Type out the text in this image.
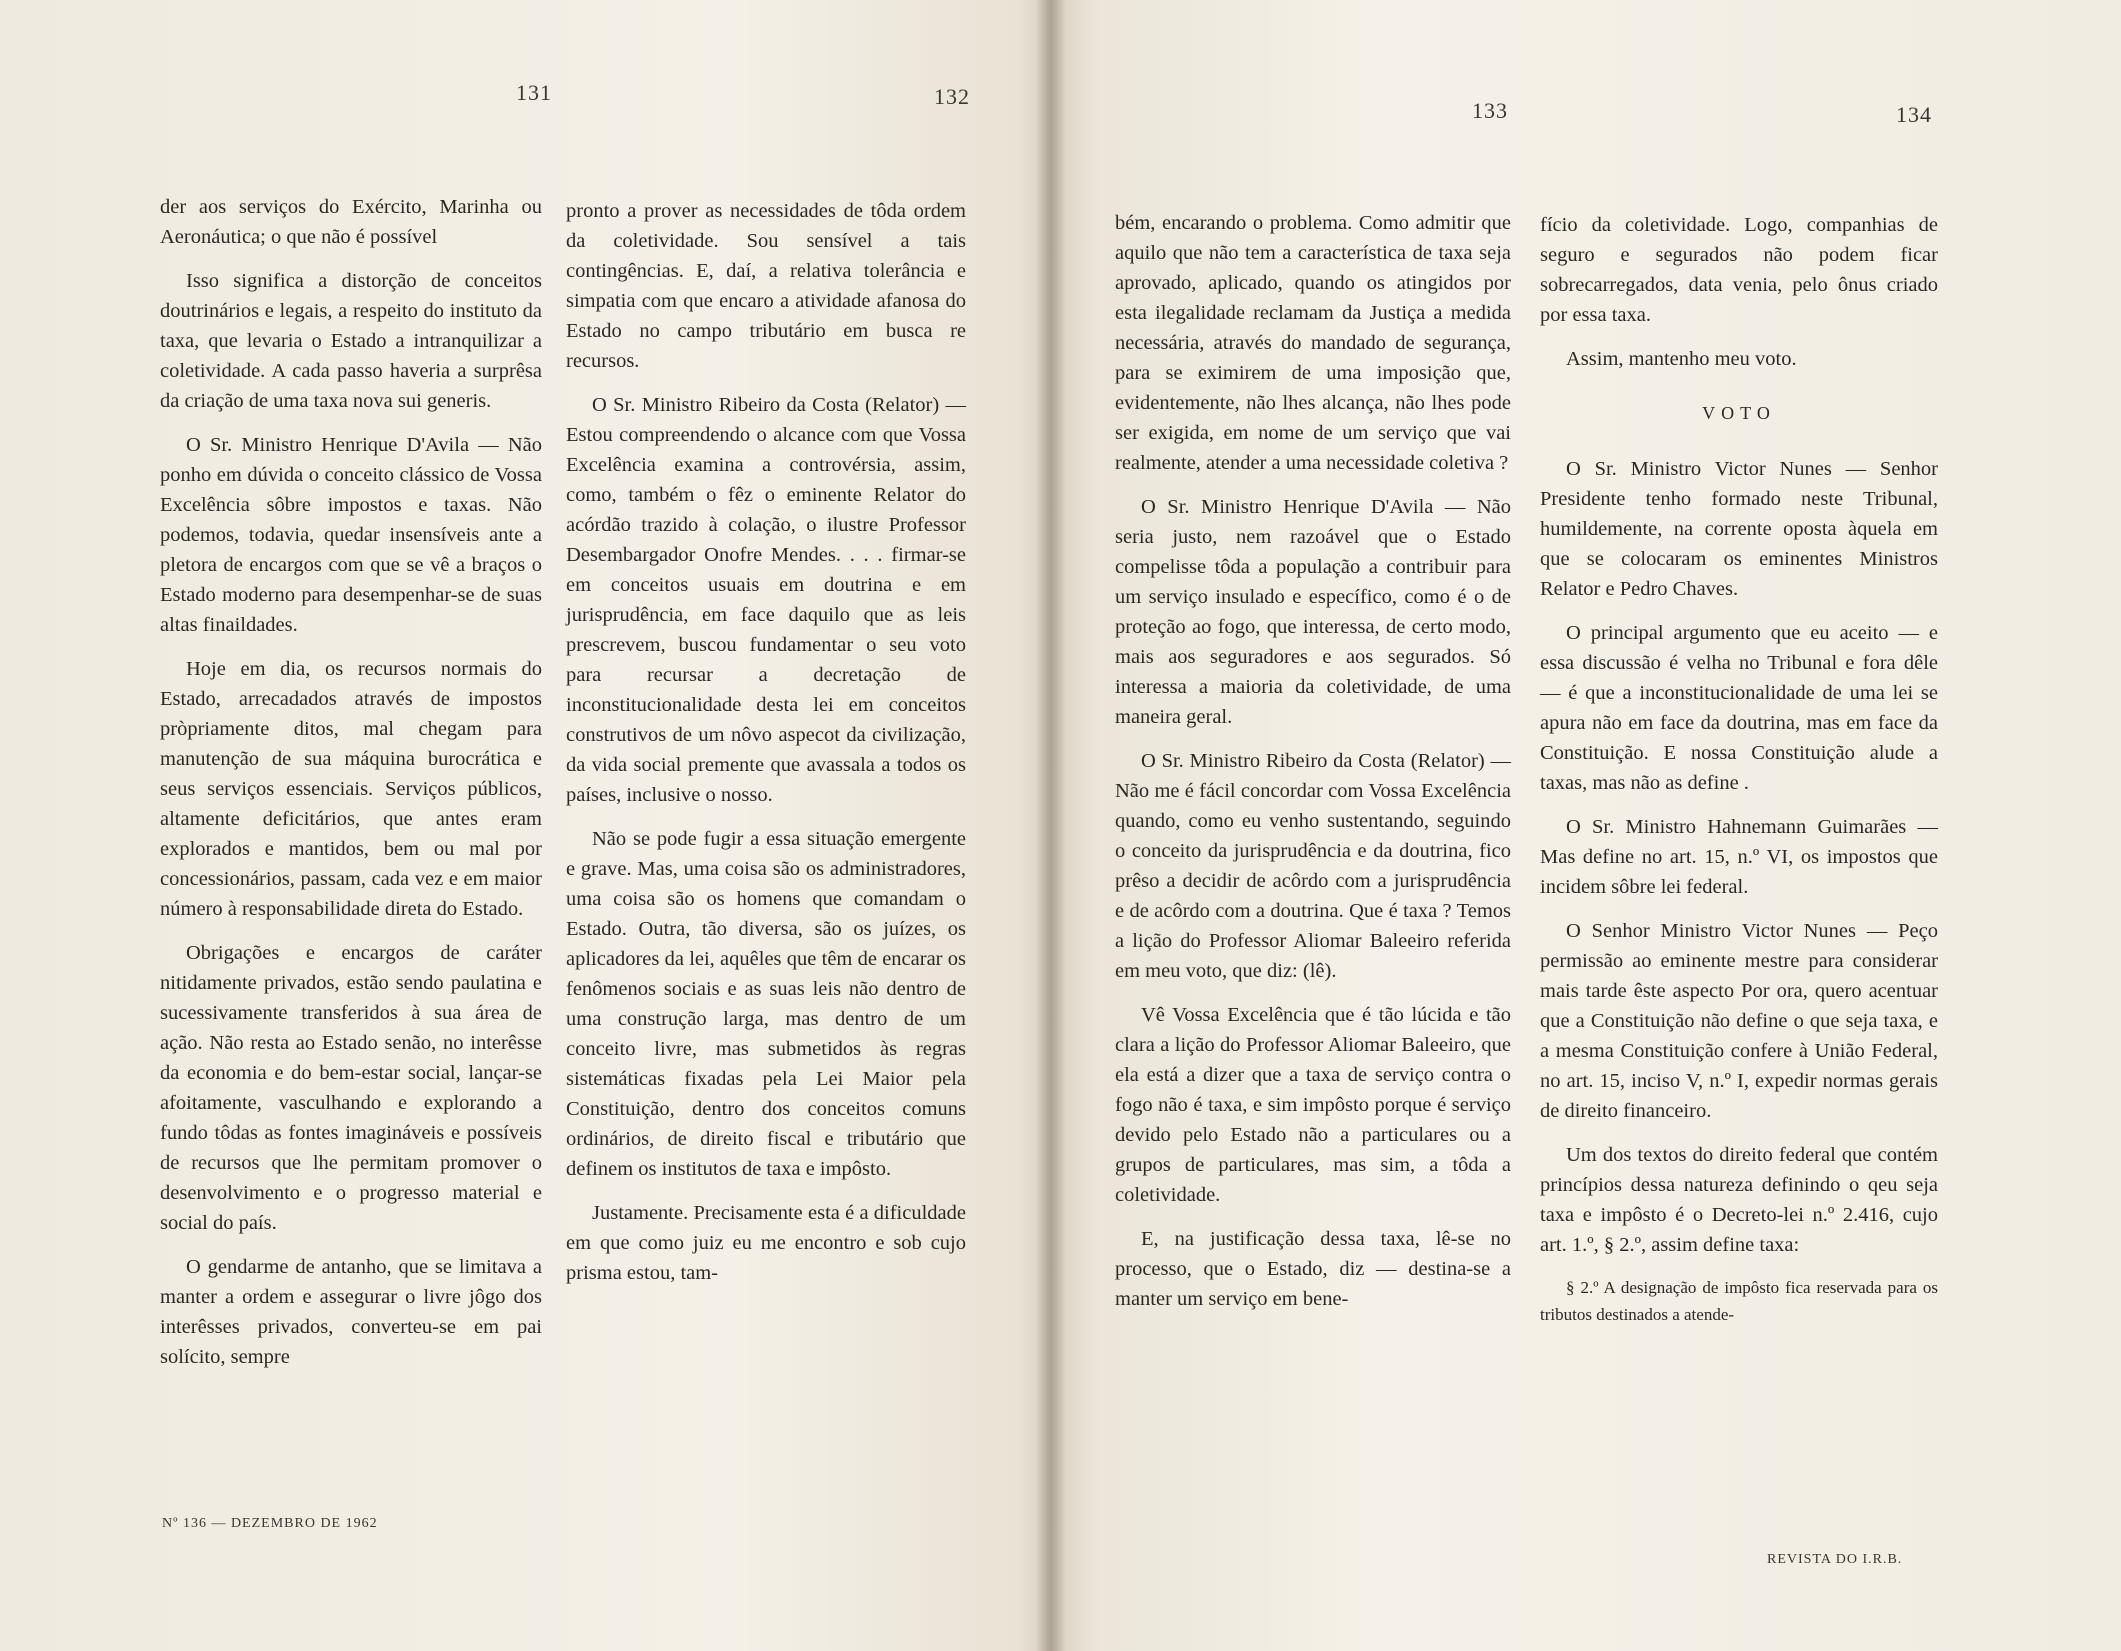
131	132
133	134

der aos serviços do Exército, Marinha ou Aeronáutica; o que não é possível

Isso significa a distorção de conceitos doutrinários e legais, a respeito do instituto da taxa, que levaria o Estado a intranquilizar a coletividade. A cada passo haveria a surprêsa da criação de uma taxa nova sui generis.

O Sr. Ministro Henrique D'Avila — Não ponho em dúvida o conceito clássico de Vossa Excelência sôbre impostos e taxas. Não podemos, todavia, quedar insensíveis ante a pletora de encargos com que se vê a braços o Estado moderno para desempenhar-se de suas altas finaildades.

Hoje em dia, os recursos normais do Estado, arrecadados através de impostos pròpriamente ditos, mal chegam para manutenção de sua máquina burocrática e seus serviços essenciais. Serviços públicos, altamente deficitários, que antes eram explorados e mantidos, bem ou mal por concessionários, passam, cada vez e em maior número à responsabilidade direta do Estado.

Obrigações e encargos de caráter nitidamente privados, estão sendo paulatina e sucessivamente transferidos à sua área de ação. Não resta ao Estado senão, no interêsse da economia e do bem-estar social, lançar-se afoitamente, vasculhando e explorando a fundo tôdas as fontes imagináveis e possíveis de recursos que lhe permitam promover o desenvolvimento e o progresso material e social do país.

O gendarme de antanho, que se limitava a manter a ordem e assegurar o livre jôgo dos interêsses privados, converteu-se em pai solícito, sempre

pronto a prover as necessidades de tôda ordem da coletividade. Sou sensível a tais contingências. E, daí, a relativa tolerância e simpatia com que encaro a atividade afanosa do Estado no campo tributário em busca re recursos.

O Sr. Ministro Ribeiro da Costa (Relator) — Estou compreendendo o alcance com que Vossa Excelência examina a controvérsia, assim, como, também o fêz o eminente Relator do acórdão trazido à colação, o ilustre Professor Desembargador Onofre Mendes. . . . firmar-se em conceitos usuais em doutrina e em jurisprudência, em face daquilo que as leis prescrevem, buscou fundamentar o seu voto para recursar a decretação de inconstitucionalidade desta lei em conceitos construtivos de um nôvo aspecot da civilização, da vida social premente que avassala a todos os países, inclusive o nosso.

Não se pode fugir a essa situação emergente e grave. Mas, uma coisa são os administradores, uma coisa são os homens que comandam o Estado. Outra, tão diversa, são os juízes, os aplicadores da lei, aquêles que têm de encarar os fenômenos sociais e as suas leis não dentro de uma construção larga, mas dentro de um conceito livre, mas submetidos às regras sistemáticas fixadas pela Lei Maior pela Constituição, dentro dos conceitos comuns ordinários, de direito fiscal e tributário que definem os institutos de taxa e impôsto.

Justamente. Precisamente esta é a dificuldade em que como juiz eu me encontro e sob cujo prisma estou, tam-

bém, encarando o problema. Como admitir que aquilo que não tem a característica de taxa seja aprovado, aplicado, quando os atingidos por esta ilegalidade reclamam da Justiça a medida necessária, através do mandado de segurança, para se eximirem de uma imposição que, evidentemente, não lhes alcança, não lhes pode ser exigida, em nome de um serviço que vai realmente, atender a uma necessidade coletiva ?

O Sr. Ministro Henrique D'Avila — Não seria justo, nem razoável que o Estado compelisse tôda a população a contribuir para um serviço insulado e específico, como é o de proteção ao fogo, que interessa, de certo modo, mais aos seguradores e aos segurados. Só interessa a maioria da coletividade, de uma maneira geral.

O Sr. Ministro Ribeiro da Costa (Relator) — Não me é fácil concordar com Vossa Excelência quando, como eu venho sustentando, seguindo o conceito da jurisprudência e da doutrina, fico prêso a decidir de acôrdo com a jurisprudência e de acôrdo com a doutrina. Que é taxa ? Temos a lição do Professor Aliomar Baleeiro referida em meu voto, que diz: (lê).

Vê Vossa Excelência que é tão lúcida e tão clara a lição do Professor Aliomar Baleeiro, que ela está a dizer que a taxa de serviço contra o fogo não é taxa, e sim impôsto porque é serviço devido pelo Estado não a particulares ou a grupos de particulares, mas sim, a tôda a coletividade.

E, na justificação dessa taxa, lê-se no processo, que o Estado, diz — destina-se a manter um serviço em bene-

fício da coletividade. Logo, companhias de seguro e segurados não podem ficar sobrecarregados, data venia, pelo ônus criado por essa taxa.

Assim, mantenho meu voto.

VOTO

O Sr. Ministro Victor Nunes — Senhor Presidente tenho formado neste Tribunal, humildemente, na corrente oposta àquela em que se colocaram os eminentes Ministros Relator e Pedro Chaves.

O principal argumento que eu aceito — e essa discussão é velha no Tribunal e fora dêle — é que a inconstitucionalidade de uma lei se apura não em face da doutrina, mas em face da Constituição. E nossa Constituição alude a taxas, mas não as define .

O Sr. Ministro Hahnemann Guimarães — Mas define no art. 15, n.º VI, os impostos que incidem sôbre lei federal.

O Senhor Ministro Victor Nunes — Peço permissão ao eminente mestre para considerar mais tarde êste aspecto Por ora, quero acentuar que a Constituição não define o que seja taxa, e a mesma Constituição confere à União Federal, no art. 15, inciso V, n.º I, expedir normas gerais de direito financeiro.

Um dos textos do direito federal que contém princípios dessa natureza definindo o qeu seja taxa e impôsto é o Decreto-lei n.º 2.416, cujo art. 1.º, § 2.º, assim define taxa:

§ 2.º A designação de impôsto fica reservada para os tributos destinados a atende-

Nº 136 — DEZEMBRO DE 1962
REVISTA DO I.R.B.
